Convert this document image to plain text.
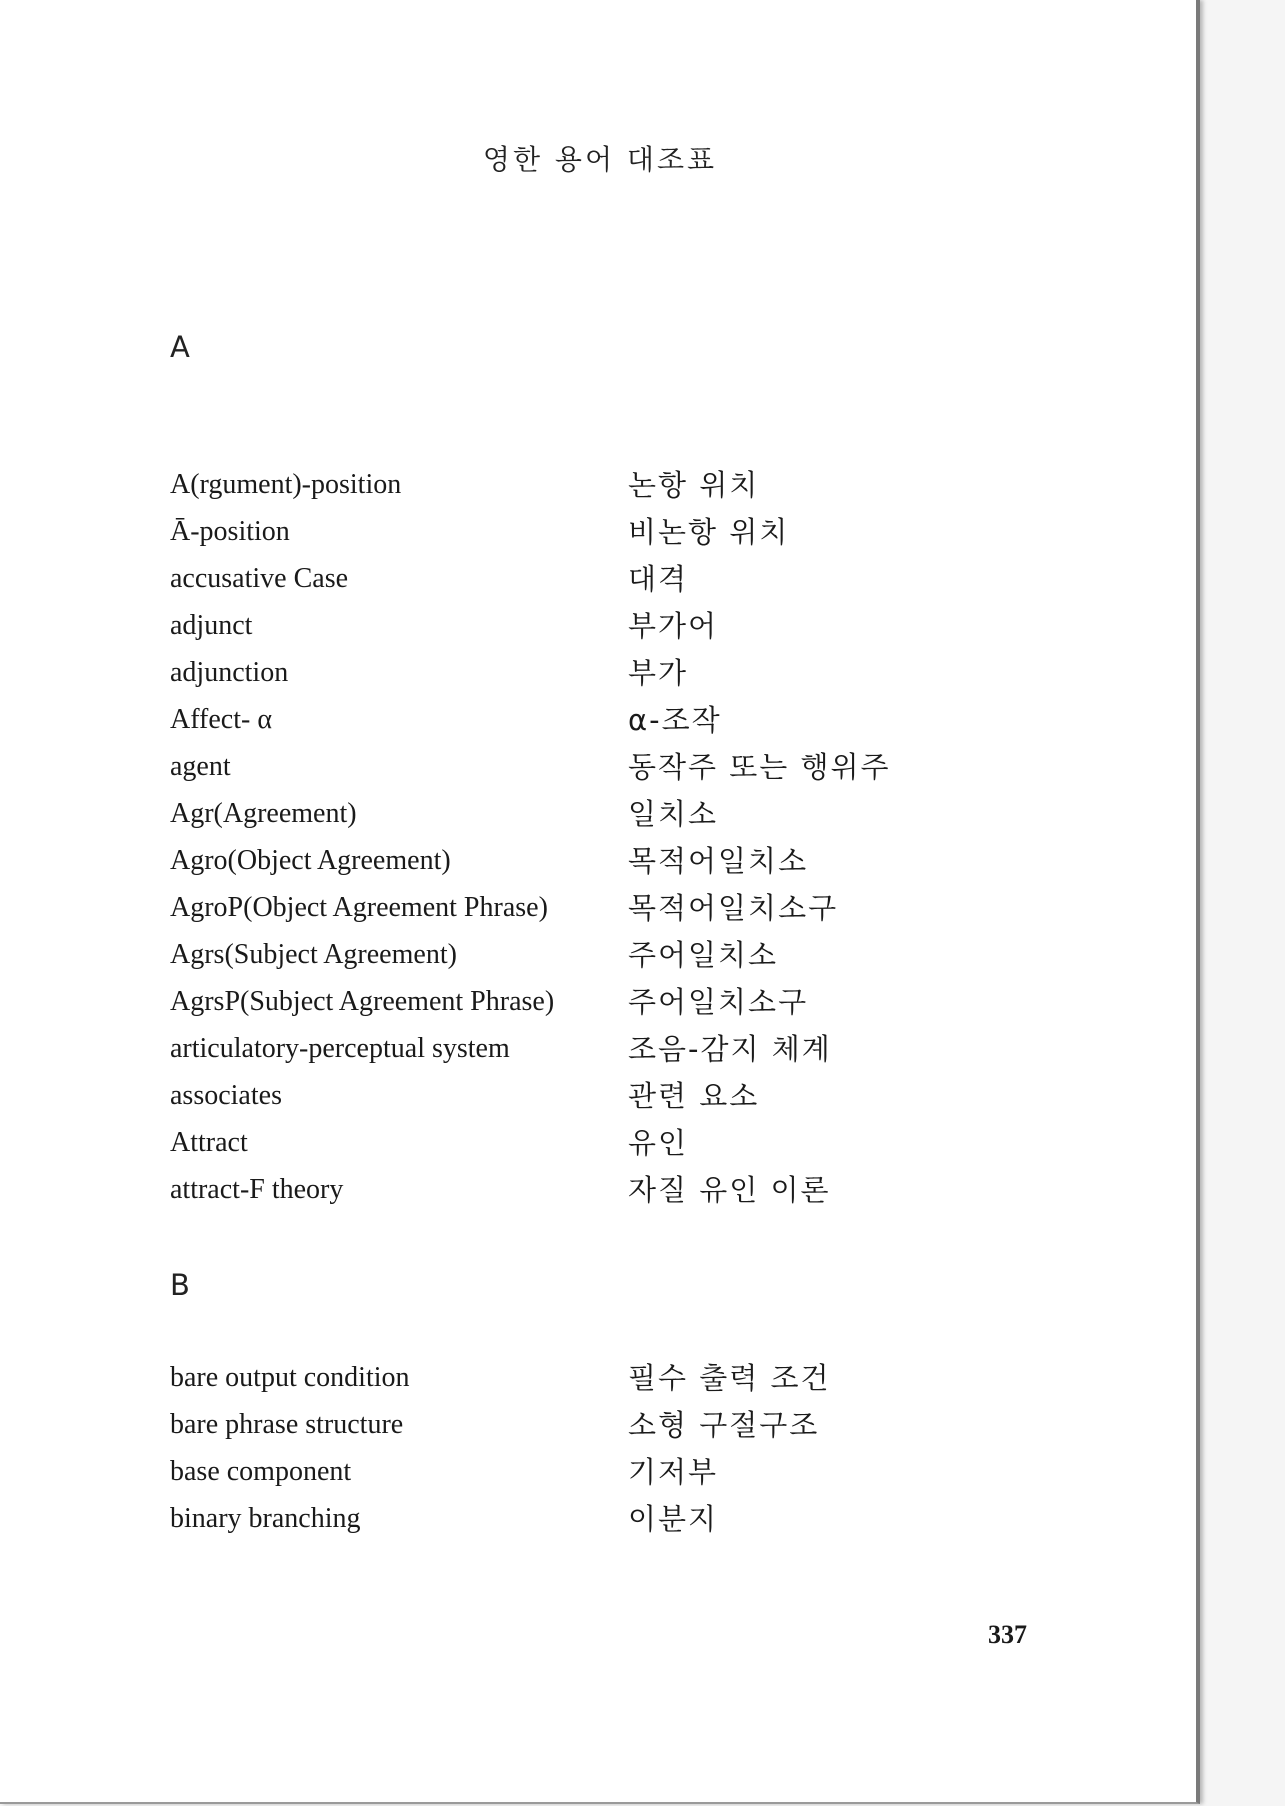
영한 용어 대조표
A
A(rgument)-position	논항 위치
Ā-position	비논항 위치
accusative Case	대격
adjunct	부가어
adjunction	부가
Affect- α	α-조작
agent	동작주 또는 행위주
Agr(Agreement)	일치소
Agro(Object Agreement)	목적어일치소
AgroP(Object Agreement Phrase)	목적어일치소구
Agrs(Subject Agreement)	주어일치소
AgrsP(Subject Agreement Phrase)	주어일치소구
articulatory-perceptual system	조음-감지 체계
associates	관련 요소
Attract	유인
attract-F theory	자질 유인 이론
B
bare output condition	필수 출력 조건
bare phrase structure	소형 구절구조
base component	기저부
binary branching	이분지
337
